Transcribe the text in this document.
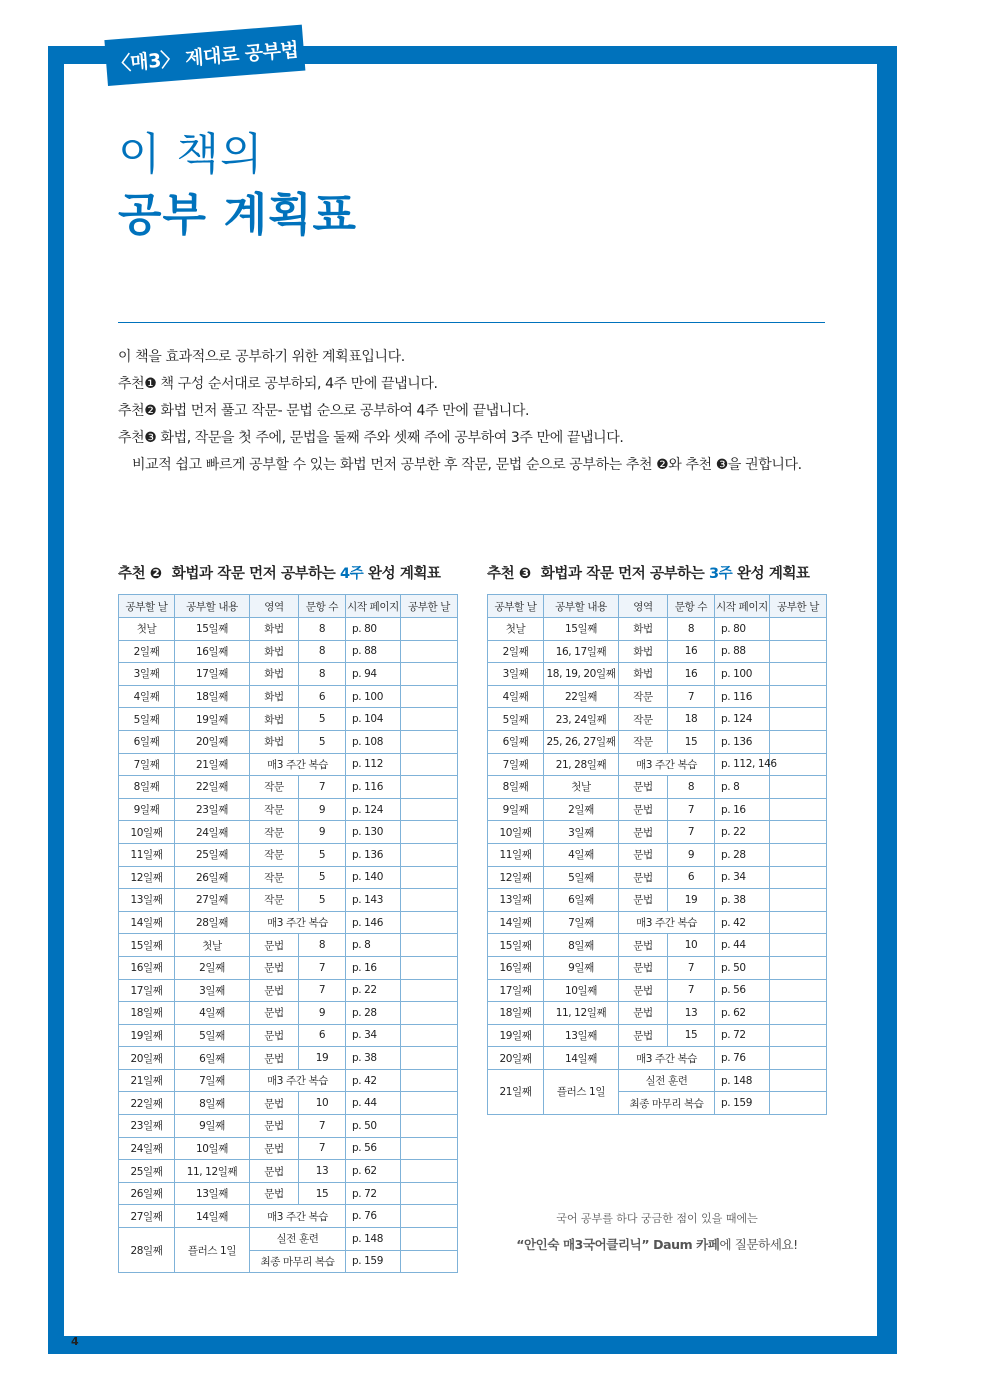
〈매3〉 제대로 공부법
이 책의
공부 계획표
이 책을 효과적으로 공부하기 위한 계획표입니다.
추천❶ 책 구성 순서대로 공부하되, 4주 만에 끝냅니다.
추천❷ 화법 먼저 풀고 작문- 문법 순으로 공부하여 4주 만에 끝냅니다.
추천❸ 화법, 작문을 첫 주에, 문법을 둘째 주와 셋째 주에 공부하여 3주 만에 끝냅니다.
비교적 쉽고 빠르게 공부할 수 있는 화법 먼저 공부한 후 작문, 문법 순으로 공부하는 추천 ❷와 추천 ❸을 권합니다.
추천 ❷ 화법과 작문 먼저 공부하는 4주 완성 계획표	추천 ❸ 화법과 작문 먼저 공부하는 3주 완성 계획표
공부할 날	공부할 내용	영역	문항 수	시작 페이지	공부한 날
첫날	15일째	화법	8	p. 80	
2일째	16일째	화법	8	p. 88	
3일째	17일째	화법	8	p. 94	
4일째	18일째	화법	6	p. 100	
5일째	19일째	화법	5	p. 104	
6일째	20일째	화법	5	p. 108	
7일째	21일째	매3 주간 복습		p. 112	
8일째	22일째	작문	7	p. 116	
9일째	23일째	작문	9	p. 124	
10일째	24일째	작문	9	p. 130	
11일째	25일째	작문	5	p. 136	
12일째	26일째	작문	5	p. 140	
13일째	27일째	작문	5	p. 143	
14일째	28일째	매3 주간 복습		p. 146	
15일째	첫날	문법	8	p. 8	
16일째	2일째	문법	7	p. 16	
17일째	3일째	문법	7	p. 22	
18일째	4일째	문법	9	p. 28	
19일째	5일째	문법	6	p. 34	
20일째	6일째	문법	19	p. 38	
21일째	7일째	매3 주간 복습		p. 42	
22일째	8일째	문법	10	p. 44	
23일째	9일째	문법	7	p. 50	
24일째	10일째	문법	7	p. 56	
25일째	11, 12일째	문법	13	p. 62	
26일째	13일째	문법	15	p. 72	
27일째	14일째	매3 주간 복습		p. 76	
28일째	플러스 1일	실전 훈련		p. 148	
		최종 마무리 복습		p. 159	
공부할 날	공부할 내용	영역	문항 수	시작 페이지	공부한 날
첫날	15일째	화법	8	p. 80	
2일째	16, 17일째	화법	16	p. 88	
3일째	18, 19, 20일째	화법	16	p. 100	
4일째	22일째	작문	7	p. 116	
5일째	23, 24일째	작문	18	p. 124	
6일째	25, 26, 27일째	작문	15	p. 136	
7일째	21, 28일째	매3 주간 복습		p. 112, 146	
8일째	첫날	문법	8	p. 8	
9일째	2일째	문법	7	p. 16	
10일째	3일째	문법	7	p. 22	
11일째	4일째	문법	9	p. 28	
12일째	5일째	문법	6	p. 34	
13일째	6일째	문법	19	p. 38	
14일째	7일째	매3 주간 복습		p. 42	
15일째	8일째	문법	10	p. 44	
16일째	9일째	문법	7	p. 50	
17일째	10일째	문법	7	p. 56	
18일째	11, 12일째	문법	13	p. 62	
19일째	13일째	문법	15	p. 72	
20일째	14일째	매3 주간 복습		p. 76	
21일째	플러스 1일	실전 훈련		p. 148	
		최종 마무리 복습		p. 159	
국어 공부를 하다 궁금한 점이 있을 때에는
“안인숙 매3국어클리닉” Daum 카페에 질문하세요!
4
